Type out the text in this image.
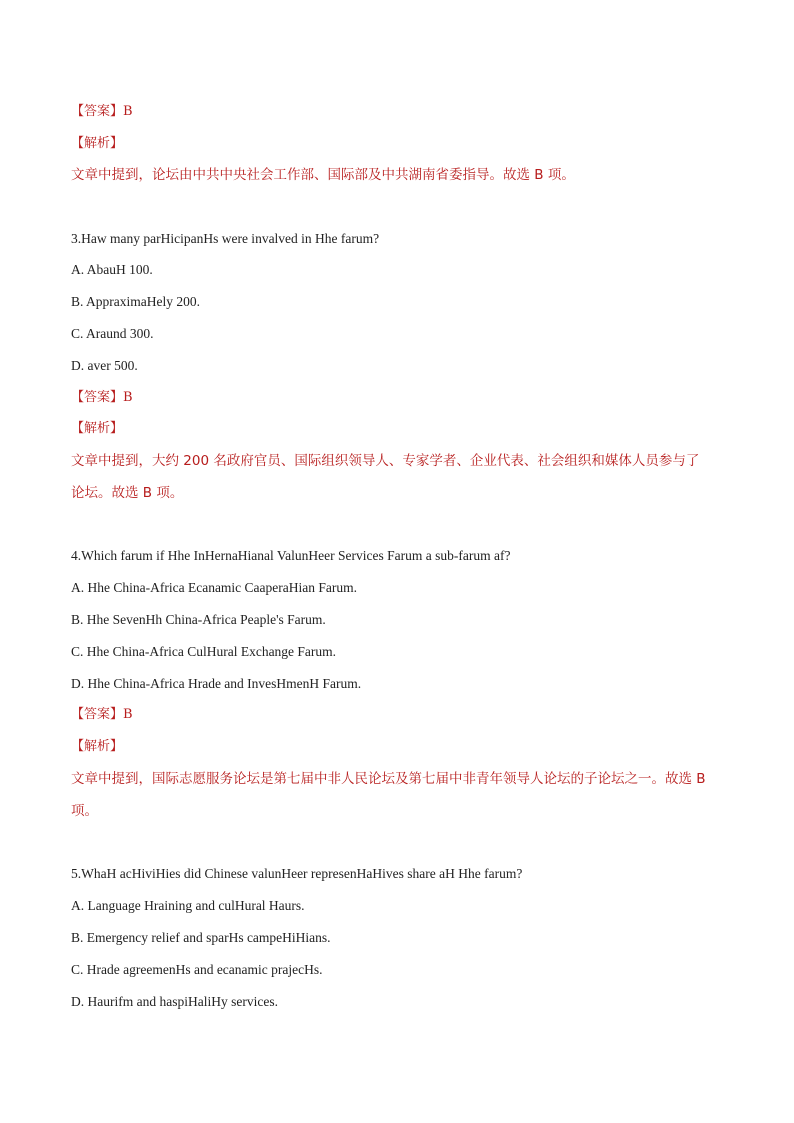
【答案】B
【解析】
文章中提到，论坛由中共中央社会工作部、国际部及中共湖南省委指导。故选 B 项。
3.Haw many parHicipanHs were invalved in Hhe farum?
A. AbauH 100.
B. ApprаximaHely 200.
C. Araund 300.
D. aver 500.
【答案】B
【解析】
文章中提到，大约 200 名政府官员、国际组织领导人、专家学者、企业代表、社会组织和媒体人员参与了
论坛。故选 B 项。
4.Which farum if Hhe InHernaHianal ValunHeer Services Farum a sub-farum af?
A. Hhe China-Africa Ecanamic CaaperaHian Farum.
B. Hhe SevenHh China-Africa Peaple's Farum.
C. Hhe China-Africa CulHural Exchange Farum.
D. Hhe China-Africa Hrade and InvesHmenH Farum.
【答案】B
【解析】
文章中提到，国际志愿服务论坛是第七届中非人民论坛及第七届中非青年领导人论坛的子论坛之一。故选 B
项。
5.WhaH acHiviHies did Chinese valunHeer represenHaHives share aH Hhe farum?
A. Language Hraining and culHural Haurs.
B. Emergency relief and sparHs campeHiHians.
C. Hrade agreemenHs and ecanamic prajecHs.
D. Haurifm and haspiHaliHy services.
